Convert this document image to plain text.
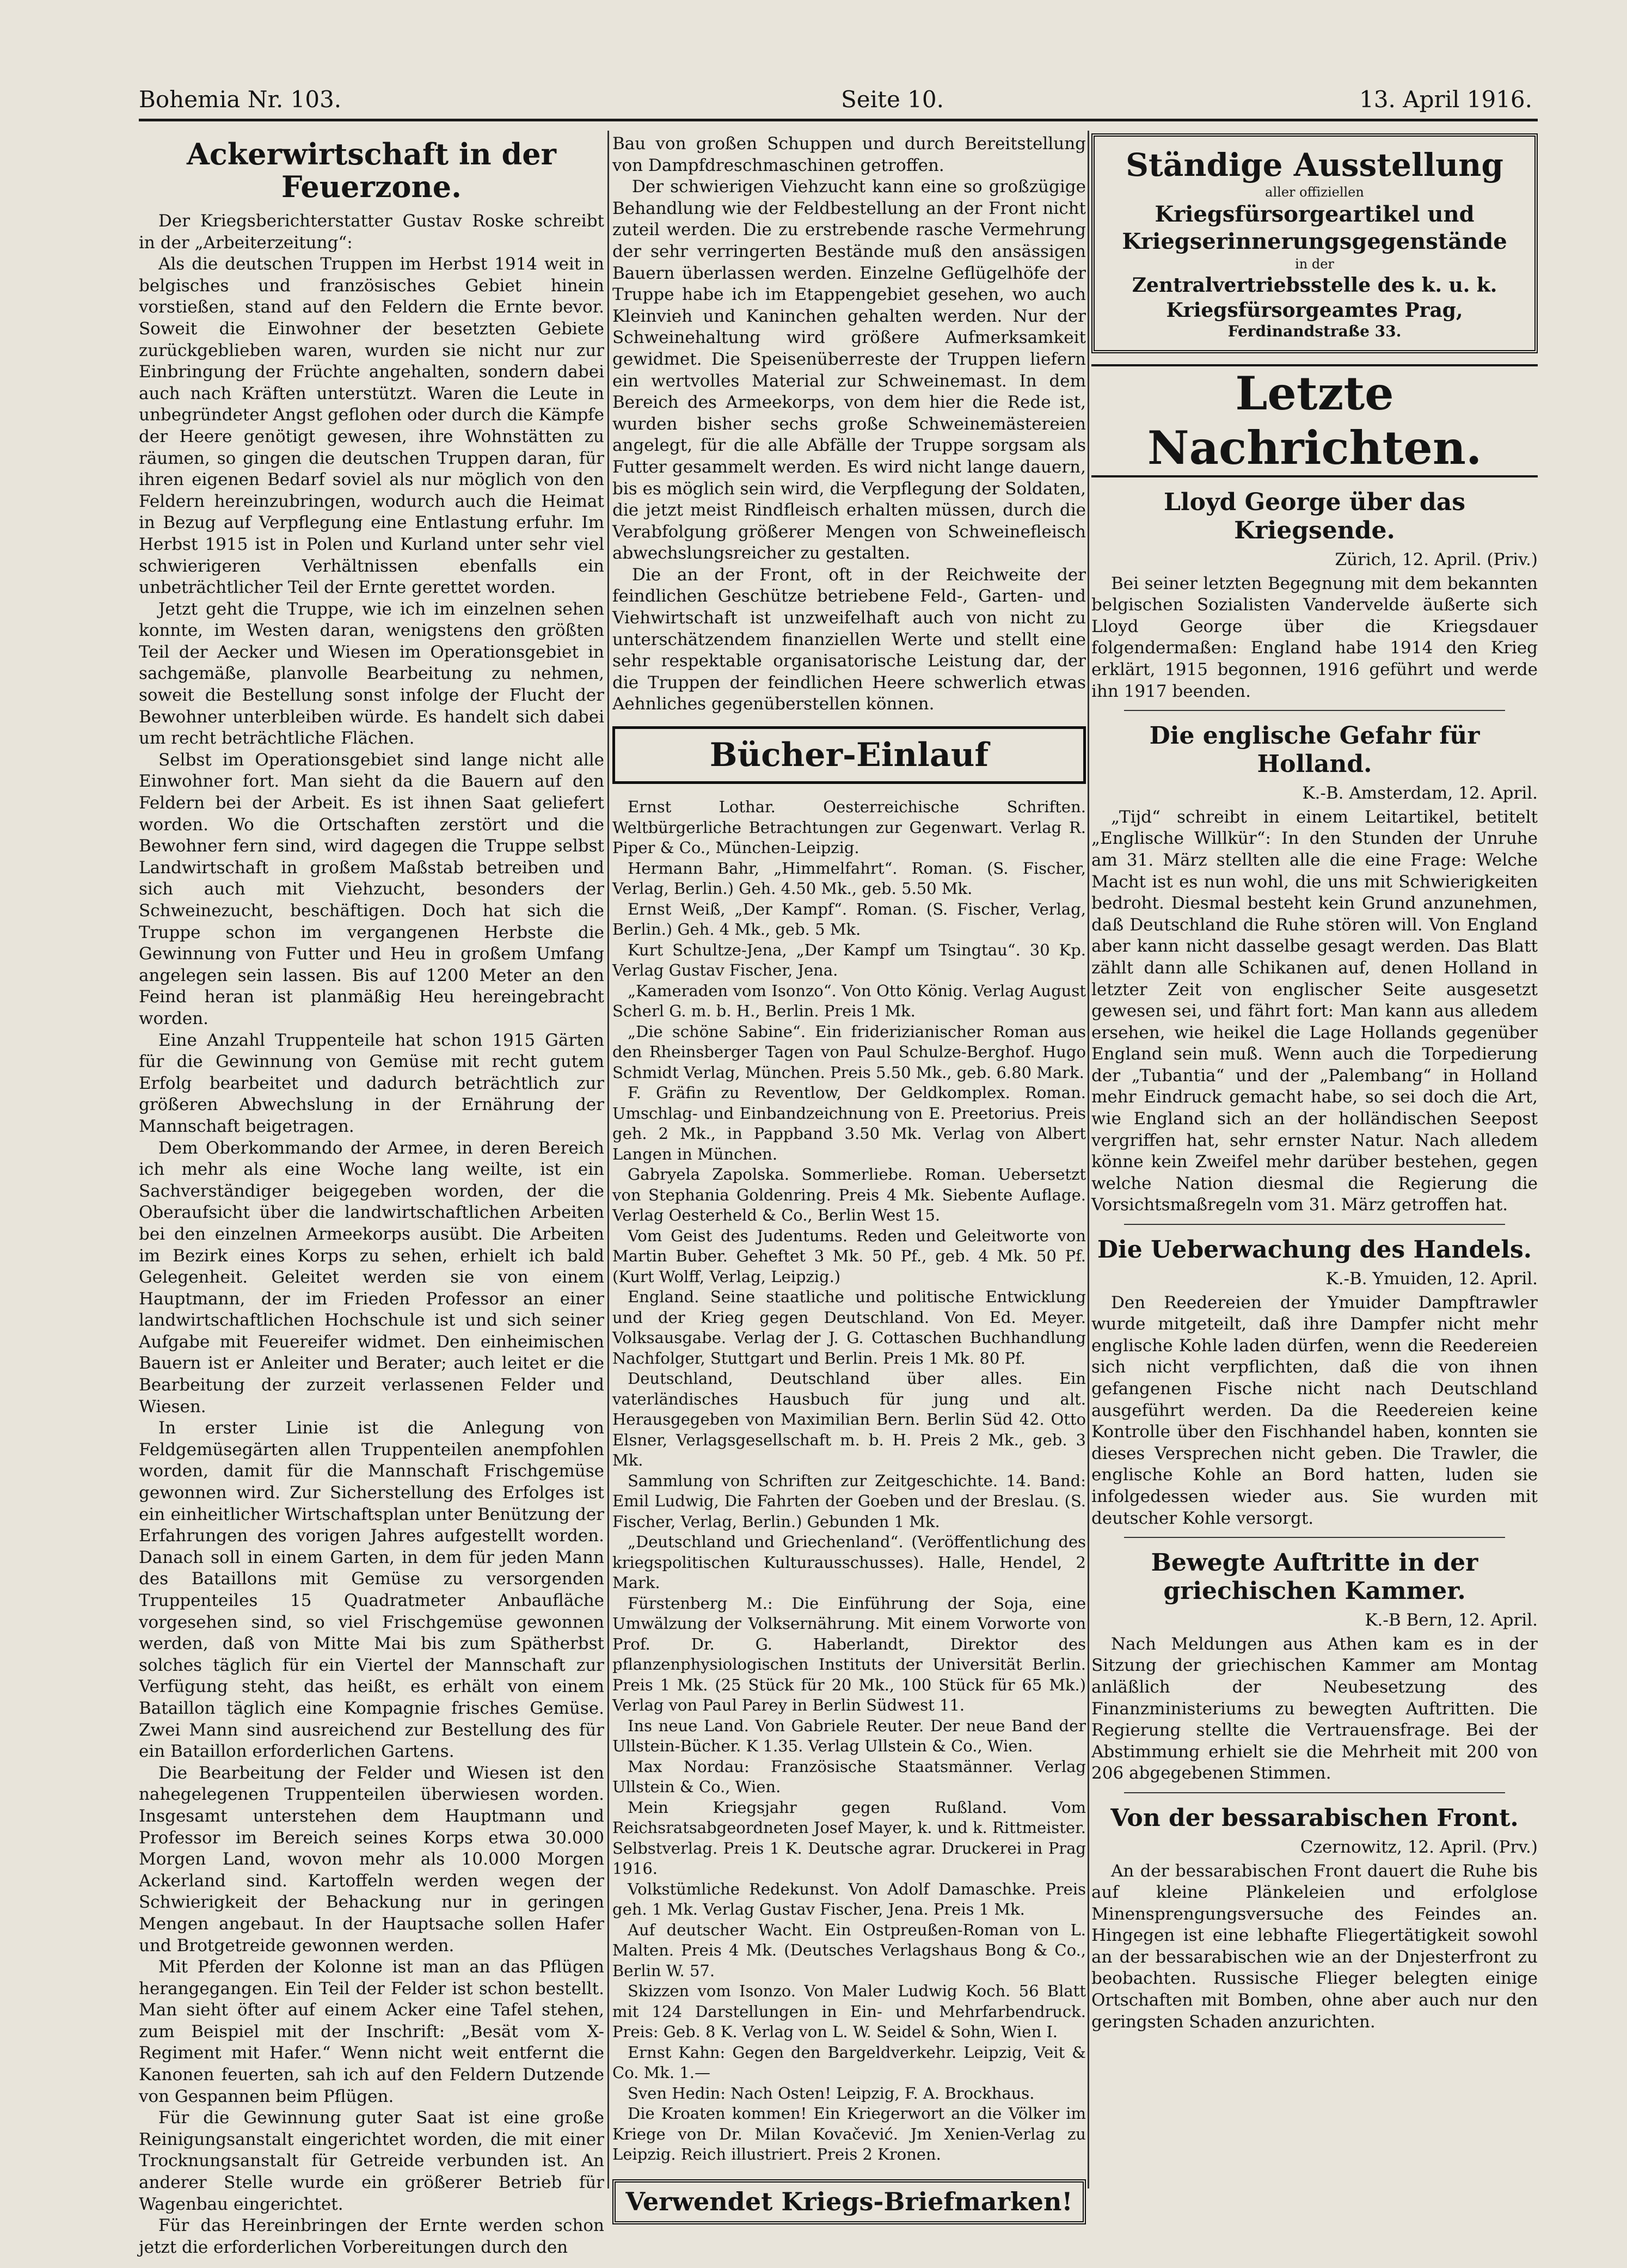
Bohemia Nr. 103.	Seite 10.	13. April 1916.
Ackerwirtschaft in der Feuerzone.

Der Kriegsberichterstatter Gustav Roske schreibt in der „Arbeiterzeitung“:

Als die deutschen Truppen im Herbst 1914 weit in belgisches und französisches Gebiet hinein vorstießen, stand auf den Feldern die Ernte bevor. Soweit die Einwohner der besetzten Gebiete zurückgeblieben waren, wurden sie nicht nur zur Einbringung der Früchte angehalten, sondern dabei auch nach Kräften unterstützt. Waren die Leute in unbegründeter Angst geflohen oder durch die Kämpfe der Heere genötigt gewesen, ihre Wohnstätten zu räumen, so gingen die deutschen Truppen daran, für ihren eigenen Bedarf soviel als nur möglich von den Feldern hereinzubringen, wodurch auch die Heimat in Bezug auf Verpflegung eine Entlastung erfuhr. Im Herbst 1915 ist in Polen und Kurland unter sehr viel schwierigeren Verhältnissen ebenfalls ein unbeträchtlicher Teil der Ernte gerettet worden.

Jetzt geht die Truppe, wie ich im einzelnen sehen konnte, im Westen daran, wenigstens den größten Teil der Aecker und Wiesen im Operationsgebiet in sachgemäße, planvolle Bearbeitung zu nehmen, soweit die Bestellung sonst infolge der Flucht der Bewohner unterbleiben würde. Es handelt sich dabei um recht beträchtliche Flächen.

Selbst im Operationsgebiet sind lange nicht alle Einwohner fort. Man sieht da die Bauern auf den Feldern bei der Arbeit. Es ist ihnen Saat geliefert worden. Wo die Ortschaften zerstört und die Bewohner fern sind, wird dagegen die Truppe selbst Landwirtschaft in großem Maßstab betreiben und sich auch mit Viehzucht, besonders der Schweinezucht, beschäftigen. Doch hat sich die Truppe schon im vergangenen Herbste die Gewinnung von Futter und Heu in großem Umfang angelegen sein lassen. Bis auf 1200 Meter an den Feind heran ist planmäßig Heu hereingebracht worden.

Eine Anzahl Truppenteile hat schon 1915 Gärten für die Gewinnung von Gemüse mit recht gutem Erfolg bearbeitet und dadurch beträchtlich zur größeren Abwechslung in der Ernährung der Mannschaft beigetragen.

Dem Oberkommando der Armee, in deren Bereich ich mehr als eine Woche lang weilte, ist ein Sachverständiger beigegeben worden, der die Oberaufsicht über die landwirtschaftlichen Arbeiten bei den einzelnen Armeekorps ausübt. Die Arbeiten im Bezirk eines Korps zu sehen, erhielt ich bald Gelegenheit. Geleitet werden sie von einem Hauptmann, der im Frieden Professor an einer landwirtschaftlichen Hochschule ist und sich seiner Aufgabe mit Feuereifer widmet. Den einheimischen Bauern ist er Anleiter und Berater; auch leitet er die Bearbeitung der zurzeit verlassenen Felder und Wiesen.

In erster Linie ist die Anlegung von Feldgemüsegärten allen Truppenteilen anempfohlen worden, damit für die Mannschaft Frischgemüse gewonnen wird. Zur Sicherstellung des Erfolges ist ein einheitlicher Wirtschaftsplan unter Benützung der Erfahrungen des vorigen Jahres aufgestellt worden. Danach soll in einem Garten, in dem für jeden Mann des Bataillons mit Gemüse zu versorgenden Truppenteiles 15 Quadratmeter Anbaufläche vorgesehen sind, so viel Frischgemüse gewonnen werden, daß von Mitte Mai bis zum Spätherbst solches täglich für ein Viertel der Mannschaft zur Verfügung steht, das heißt, es erhält von einem Bataillon täglich eine Kompagnie frisches Gemüse. Zwei Mann sind ausreichend zur Bestellung des für ein Bataillon erforderlichen Gartens.

Die Bearbeitung der Felder und Wiesen ist den nahegelegenen Truppenteilen überwiesen worden. Insgesamt unterstehen dem Hauptmann und Professor im Bereich seines Korps etwa 30.000 Morgen Land, wovon mehr als 10.000 Morgen Ackerland sind. Kartoffeln werden wegen der Schwierigkeit der Behackung nur in geringen Mengen angebaut. In der Hauptsache sollen Hafer und Brotgetreide gewonnen werden.

Mit Pferden der Kolonne ist man an das Pflügen herangegangen. Ein Teil der Felder ist schon bestellt. Man sieht öfter auf einem Acker eine Tafel stehen, zum Beispiel mit der Inschrift: „Besät vom X-Regiment mit Hafer.“ Wenn nicht weit entfernt die Kanonen feuerten, sah ich auf den Feldern Dutzende von Gespannen beim Pflügen.

Für die Gewinnung guter Saat ist eine große Reinigungsanstalt eingerichtet worden, die mit einer Trocknungsanstalt für Getreide verbunden ist. An anderer Stelle wurde ein größerer Betrieb für Wagenbau eingerichtet.

Für das Hereinbringen der Ernte werden schon jetzt die erforderlichen Vorbereitungen durch den

Bau von großen Schuppen und durch Bereitstellung von Dampfdreschmaschinen getroffen.

Der schwierigen Viehzucht kann eine so großzügige Behandlung wie der Feldbestellung an der Front nicht zuteil werden. Die zu erstrebende rasche Vermehrung der sehr verringerten Bestände muß den ansässigen Bauern überlassen werden. Einzelne Geflügelhöfe der Truppe habe ich im Etappengebiet gesehen, wo auch Kleinvieh und Kaninchen gehalten werden. Nur der Schweinehaltung wird größere Aufmerksamkeit gewidmet. Die Speisenüberreste der Truppen liefern ein wertvolles Material zur Schweinemast. In dem Bereich des Armeekorps, von dem hier die Rede ist, wurden bisher sechs große Schweinemästereien angelegt, für die alle Abfälle der Truppe sorgsam als Futter gesammelt werden. Es wird nicht lange dauern, bis es möglich sein wird, die Verpflegung der Soldaten, die jetzt meist Rindfleisch erhalten müssen, durch die Verabfolgung größerer Mengen von Schweinefleisch abwechslungsreicher zu gestalten.

Die an der Front, oft in der Reichweite der feindlichen Geschütze betriebene Feld-, Garten- und Viehwirtschaft ist unzweifelhaft auch von nicht zu unterschätzendem finanziellen Werte und stellt eine sehr respektable organisatorische Leistung dar, der die Truppen der feindlichen Heere schwerlich etwas Aehnliches gegenüberstellen können.

Bücher-Einlauf

Ernst Lothar. Oesterreichische Schriften. Weltbürgerliche Betrachtungen zur Gegenwart. Verlag R. Piper & Co., München-Leipzig.

Hermann Bahr, „Himmelfahrt“. Roman. (S. Fischer, Verlag, Berlin.) Geh. 4.50 Mk., geb. 5.50 Mk.

Ernst Weiß, „Der Kampf“. Roman. (S. Fischer, Verlag, Berlin.) Geh. 4 Mk., geb. 5 Mk.

Kurt Schultze-Jena, „Der Kampf um Tsingtau“. 30 Kp. Verlag Gustav Fischer, Jena.

„Kameraden vom Isonzo“. Von Otto König. Verlag August Scherl G. m. b. H., Berlin. Preis 1 Mk.

„Die schöne Sabine“. Ein friderizianischer Roman aus den Rheinsberger Tagen von Paul Schulze-Berghof. Hugo Schmidt Verlag, München. Preis 5.50 Mk., geb. 6.80 Mark.

F. Gräfin zu Reventlow, Der Geldkomplex. Roman. Umschlag- und Einbandzeichnung von E. Preetorius. Preis geh. 2 Mk., in Pappband 3.50 Mk. Verlag von Albert Langen in München.

Gabryela Zapolska. Sommerliebe. Roman. Uebersetzt von Stephania Goldenring. Preis 4 Mk. Siebente Auflage. Verlag Oesterheld & Co., Berlin West 15.

Vom Geist des Judentums. Reden und Geleitworte von Martin Buber. Geheftet 3 Mk. 50 Pf., geb. 4 Mk. 50 Pf. (Kurt Wolff, Verlag, Leipzig.)

England. Seine staatliche und politische Entwicklung und der Krieg gegen Deutschland. Von Ed. Meyer. Volksausgabe. Verlag der J. G. Cottaschen Buchhandlung Nachfolger, Stuttgart und Berlin. Preis 1 Mk. 80 Pf.

Deutschland, Deutschland über alles. Ein vaterländisches Hausbuch für jung und alt. Herausgegeben von Maximilian Bern. Berlin Süd 42. Otto Elsner, Verlagsgesellschaft m. b. H. Preis 2 Mk., geb. 3 Mk.

Sammlung von Schriften zur Zeitgeschichte. 14. Band: Emil Ludwig, Die Fahrten der Goeben und der Breslau. (S. Fischer, Verlag, Berlin.) Gebunden 1 Mk.

„Deutschland und Griechenland“. (Veröffentlichung des kriegspolitischen Kulturausschusses). Halle, Hendel, 2 Mark.

Fürstenberg M.: Die Einführung der Soja, eine Umwälzung der Volksernährung. Mit einem Vorworte von Prof. Dr. G. Haberlandt, Direktor des pflanzenphysiologischen Instituts der Universität Berlin. Preis 1 Mk. (25 Stück für 20 Mk., 100 Stück für 65 Mk.) Verlag von Paul Parey in Berlin Südwest 11.

Ins neue Land. Von Gabriele Reuter. Der neue Band der Ullstein-Bücher. K 1.35. Verlag Ullstein & Co., Wien.

Max Nordau: Französische Staatsmänner. Verlag Ullstein & Co., Wien.

Mein Kriegsjahr gegen Rußland. Vom Reichsratsabgeordneten Josef Mayer, k. und k. Rittmeister. Selbstverlag. Preis 1 K. Deutsche agrar. Druckerei in Prag 1916.

Volkstümliche Redekunst. Von Adolf Damaschke. Preis geh. 1 Mk. Verlag Gustav Fischer, Jena. Preis 1 Mk.

Auf deutscher Wacht. Ein Ostpreußen-Roman von L. Malten. Preis 4 Mk. (Deutsches Verlagshaus Bong & Co., Berlin W. 57.

Skizzen vom Isonzo. Von Maler Ludwig Koch. 56 Blatt mit 124 Darstellungen in Ein- und Mehrfarbendruck. Preis: Geb. 8 K. Verlag von L. W. Seidel & Sohn, Wien I.

Ernst Kahn: Gegen den Bargeldverkehr. Leipzig, Veit & Co. Mk. 1.—

Sven Hedin: Nach Osten! Leipzig, F. A. Brockhaus.

Die Kroaten kommen! Ein Kriegerwort an die Völker im Kriege von Dr. Milan Kovačević. Jm Xenien-Verlag zu Leipzig. Reich illustriert. Preis 2 Kronen.

Verwendet Kriegs-Briefmarken!
Ständige Ausstellung
aller offiziellen
Kriegsfürsorgeartikel und Kriegserinnerungsgegenstände
in der
Zentralvertriebsstelle des k. u. k. Kriegsfürsorgeamtes Prag,
Ferdinandstraße 33.
Letzte Nachrichten.
Lloyd George über das Kriegsende.
Zürich, 12. April. (Priv.)

Bei seiner letzten Begegnung mit dem bekannten belgischen Sozialisten Vandervelde äußerte sich Lloyd George über die Kriegsdauer folgendermaßen: England habe 1914 den Krieg erklärt, 1915 begonnen, 1916 geführt und werde ihn 1917 beenden.

Die englische Gefahr für Holland.
K.-B. Amsterdam, 12. April.

„Tijd“ schreibt in einem Leitartikel, betitelt „Englische Willkür“: In den Stunden der Unruhe am 31. März stellten alle die eine Frage: Welche Macht ist es nun wohl, die uns mit Schwierigkeiten bedroht. Diesmal besteht kein Grund anzunehmen, daß Deutschland die Ruhe stören will. Von England aber kann nicht dasselbe gesagt werden. Das Blatt zählt dann alle Schikanen auf, denen Holland in letzter Zeit von englischer Seite ausgesetzt gewesen sei, und fährt fort: Man kann aus alledem ersehen, wie heikel die Lage Hollands gegenüber England sein muß. Wenn auch die Torpedierung der „Tubantia“ und der „Palembang“ in Holland mehr Eindruck gemacht habe, so sei doch die Art, wie England sich an der holländischen Seepost vergriffen hat, sehr ernster Natur. Nach alledem könne kein Zweifel mehr darüber bestehen, gegen welche Nation diesmal die Regierung die Vorsichtsmaßregeln vom 31. März getroffen hat.

Die Ueberwachung des Handels.
K.-B. Ymuiden, 12. April.

Den Reedereien der Ymuider Dampftrawler wurde mitgeteilt, daß ihre Dampfer nicht mehr englische Kohle laden dürfen, wenn die Reedereien sich nicht verpflichten, daß die von ihnen gefangenen Fische nicht nach Deutschland ausgeführt werden. Da die Reedereien keine Kontrolle über den Fischhandel haben, konnten sie dieses Versprechen nicht geben. Die Trawler, die englische Kohle an Bord hatten, luden sie infolgedessen wieder aus. Sie wurden mit deutscher Kohle versorgt.

Bewegte Auftritte in der griechischen Kammer.
K.-B Bern, 12. April.

Nach Meldungen aus Athen kam es in der Sitzung der griechischen Kammer am Montag anläßlich der Neubesetzung des Finanzministeriums zu bewegten Auftritten. Die Regierung stellte die Vertrauensfrage. Bei der Abstimmung erhielt sie die Mehrheit mit 200 von 206 abgegebenen Stimmen.

Von der bessarabischen Front.
Czernowitz, 12. April. (Prv.)

An der bessarabischen Front dauert die Ruhe bis auf kleine Plänkeleien und erfolglose Minensprengungsversuche des Feindes an. Hingegen ist eine lebhafte Fliegertätigkeit sowohl an der bessarabischen wie an der Dnjesterfront zu beobachten. Russische Flieger belegten einige Ortschaften mit Bomben, ohne aber auch nur den geringsten Schaden anzurichten.
